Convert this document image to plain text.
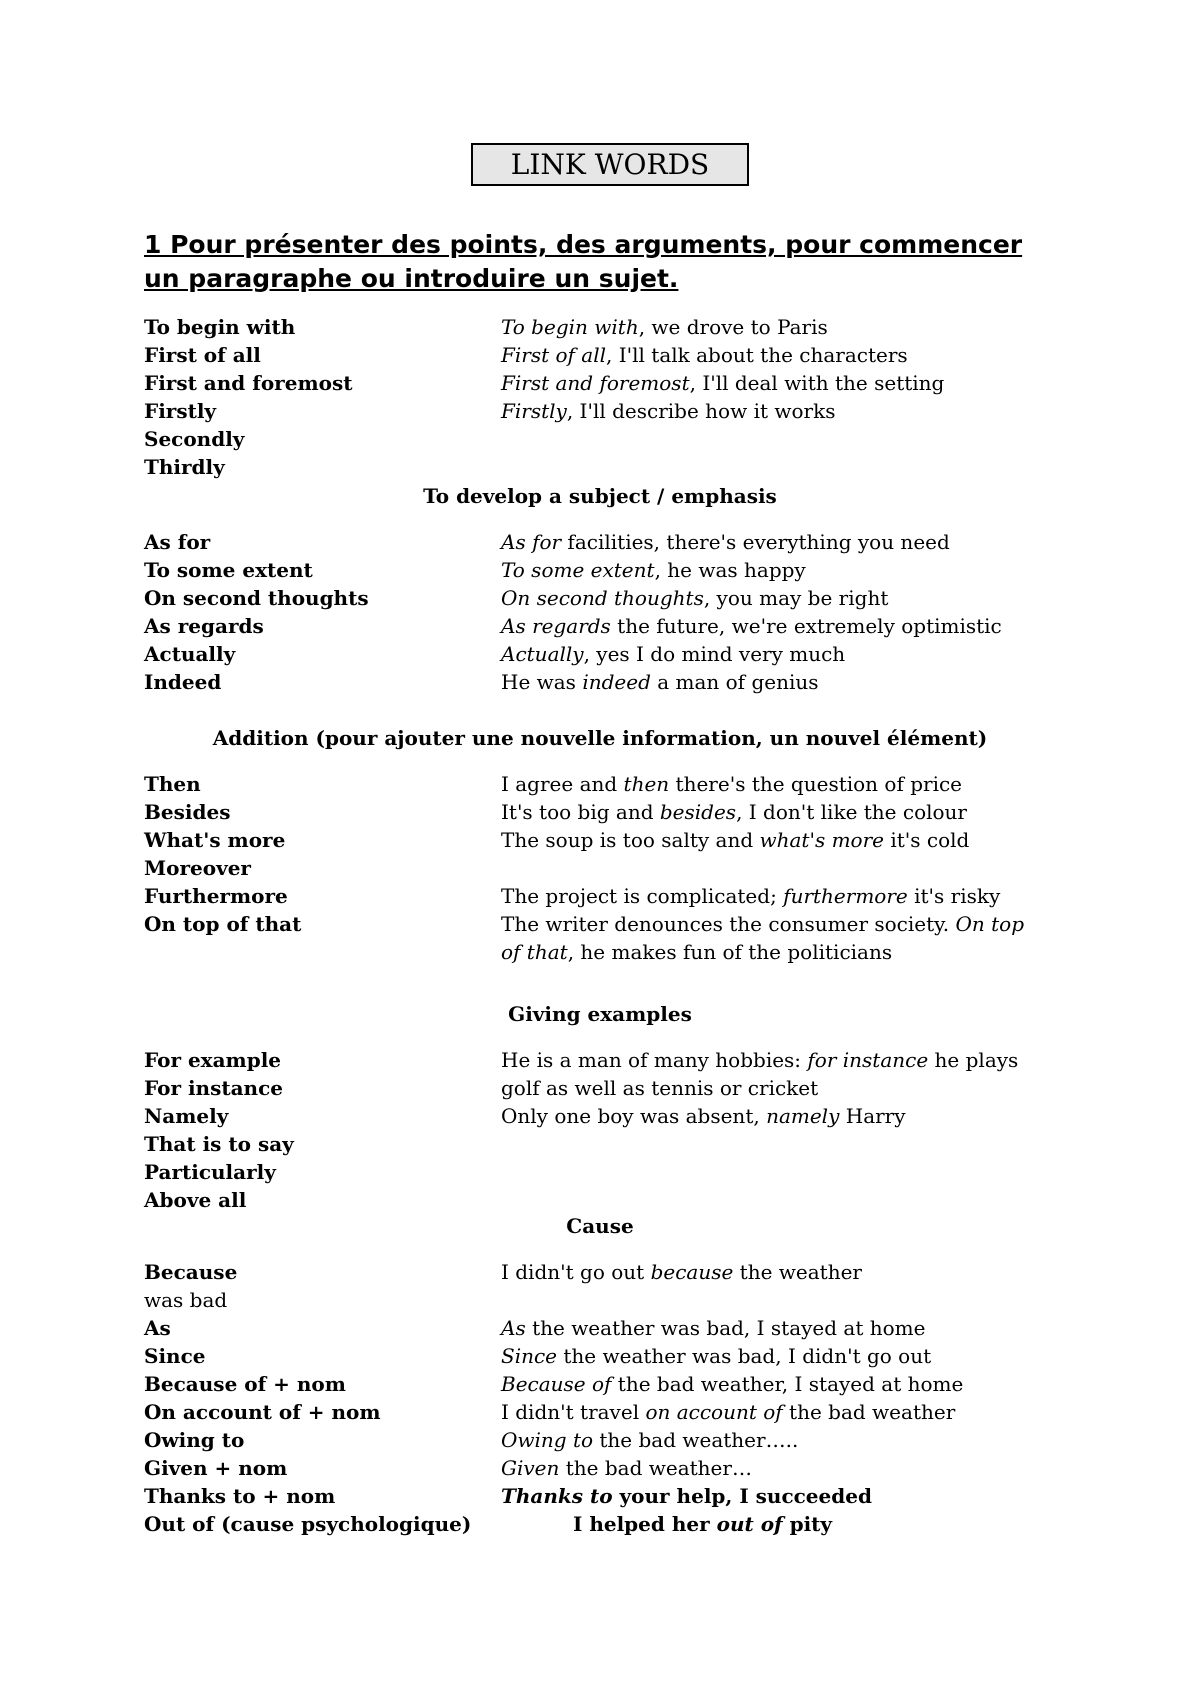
LINK WORDS
1 Pour présenter des points, des arguments, pour commencer un paragraphe ou introduire un sujet.
To begin with	To begin with, we drove to Paris
First of all	First of all, I'll talk about the characters
First and foremost	First and foremost, I'll deal with the setting
Firstly	Firstly, I'll describe how it works
Secondly
Thirdly
To develop a subject / emphasis
As for	As for facilities, there's everything you need
To some extent	To some extent, he was happy
On second thoughts	On second thoughts, you may be right
As regards	As regards the future, we're extremely optimistic
Actually	Actually, yes I do mind very much
Indeed	He was indeed a man of genius
Addition (pour ajouter une nouvelle information, un nouvel élément)
Then	I agree and then there's the question of price
Besides	It's too big and besides, I don't like the colour
What's more	The soup is too salty and what's more it's cold
Moreover
Furthermore	The project is complicated; furthermore it's risky
On top of that	The writer denounces the consumer society. On top of that, he makes fun of the politicians
Giving examples
For example	He is a man of many hobbies: for instance he plays
For instance	golf as well as tennis or cricket
Namely	Only one boy was absent, namely Harry
That is to say
Particularly
Above all
Cause
Because	I didn't go out because the weather
was bad
As	As the weather was bad, I stayed at home
Since	Since the weather was bad, I didn't go out
Because of + nom	Because of the bad weather, I stayed at home
On account of + nom	I didn't travel on account of the bad weather
Owing to	Owing to the bad weather…..
Given + nom	Given the bad weather…
Thanks to + nom	Thanks to your help, I succeeded
Out of (cause psychologique)	I helped her out of pity
